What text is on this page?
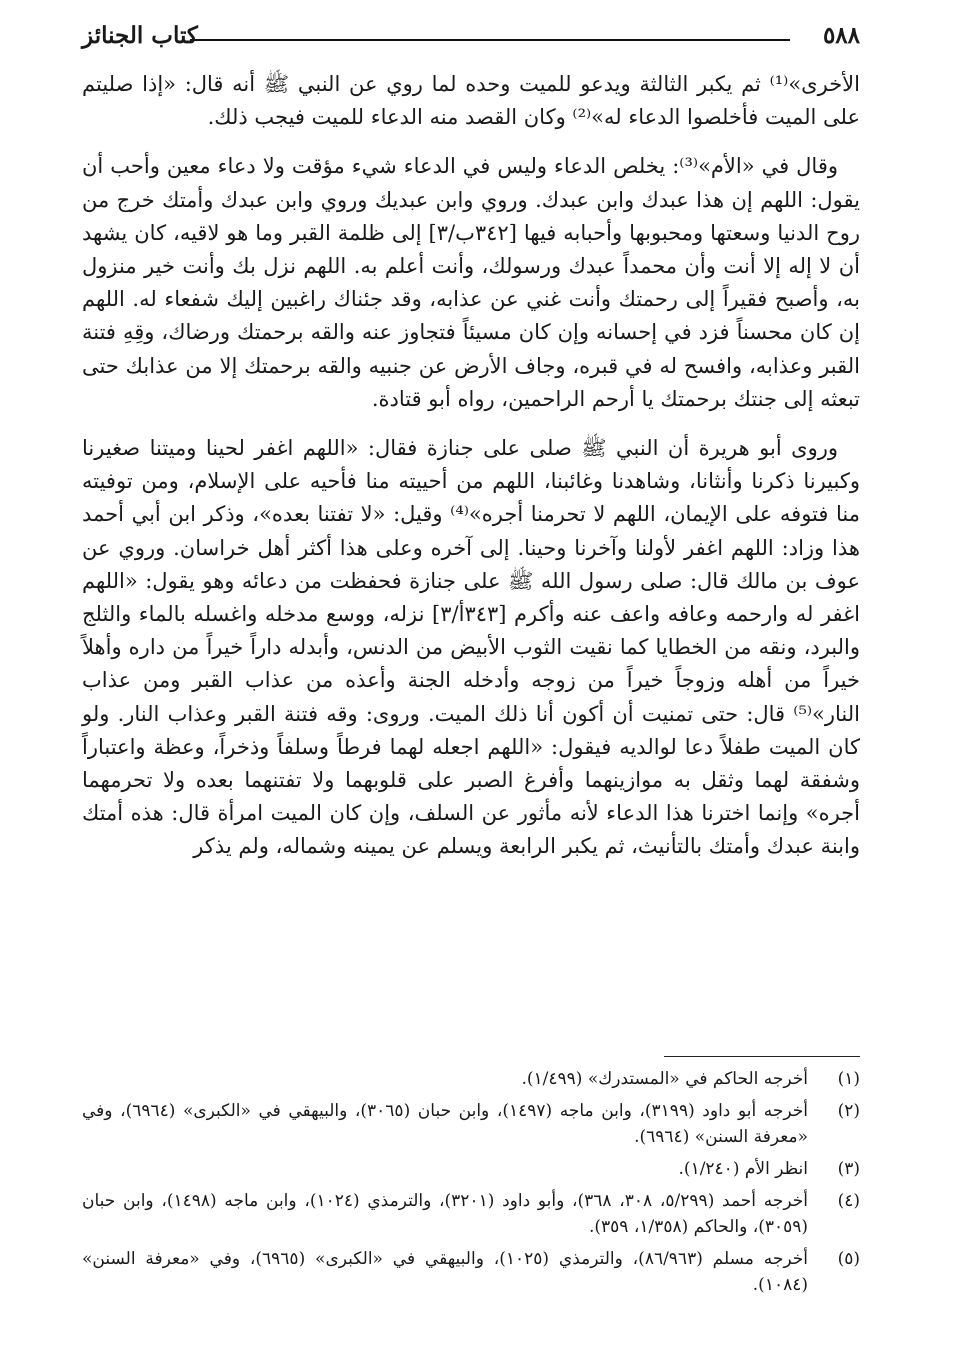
٥٨٨
كتاب الجنائز

الأخرى»⁽¹⁾ ثم يكبر الثالثة ويدعو للميت وحده لما روي عن النبي ﷺ أنه قال: «إذا صليتم على الميت فأخلصوا الدعاء له»⁽²⁾ وكان القصد منه الدعاء للميت فيجب ذلك.

وقال في «الأم»⁽³⁾: يخلص الدعاء وليس في الدعاء شيء مؤقت ولا دعاء معين وأحب أن يقول: اللهم إن هذا عبدك وابن عبدك. وروي وابن عبديك وروي وابن عبدك وأمتك خرج من روح الدنيا وسعتها ومحبوبها وأحبابه فيها [٣٤٢ب/٣] إلى ظلمة القبر وما هو لاقيه، كان يشهد أن لا إله إلا أنت وأن محمداً عبدك ورسولك، وأنت أعلم به. اللهم نزل بك وأنت خير منزول به، وأصبح فقيراً إلى رحمتك وأنت غني عن عذابه، وقد جئناك راغبين إليك شفعاء له. اللهم إن كان محسناً فزد في إحسانه وإن كان مسيئاً فتجاوز عنه والقه برحمتك ورضاك، وقِهِ فتنة القبر وعذابه، وافسح له في قبره، وجاف الأرض عن جنبيه والقه برحمتك إلا من عذابك حتى تبعثه إلى جنتك برحمتك يا أرحم الراحمين، رواه أبو قتادة.

وروى أبو هريرة أن النبي ﷺ صلى على جنازة فقال: «اللهم اغفر لحينا وميتنا صغيرنا وكبيرنا ذكرنا وأنثانا، وشاهدنا وغائبنا، اللهم من أحييته منا فأحيه على الإسلام، ومن توفيته منا فتوفه على الإيمان، اللهم لا تحرمنا أجره»⁽⁴⁾ وقيل: «لا تفتنا بعده»، وذكر ابن أبي أحمد هذا وزاد: اللهم اغفر لأولنا وآخرنا وحينا. إلى آخره وعلى هذا أكثر أهل خراسان. وروي عن عوف بن مالك قال: صلى رسول الله ﷺ على جنازة فحفظت من دعائه وهو يقول: «اللهم اغفر له وارحمه وعافه واعف عنه وأكرم [٣٤٣أ/٣] نزله، ووسع مدخله واغسله بالماء والثلج والبرد، ونقه من الخطايا كما نقيت الثوب الأبيض من الدنس، وأبدله داراً خيراً من داره وأهلاً خيراً من أهله وزوجاً خيراً من زوجه وأدخله الجنة وأعذه من عذاب القبر ومن عذاب النار»⁽⁵⁾ قال: حتى تمنيت أن أكون أنا ذلك الميت. وروى: وقه فتنة القبر وعذاب النار. ولو كان الميت طفلاً دعا لوالديه فيقول: «اللهم اجعله لهما فرطاً وسلفاً وذخراً، وعظة واعتباراً وشفقة لهما وثقل به موازينهما وأفرغ الصبر على قلوبهما ولا تفتنهما بعده ولا تحرمهما أجره» وإنما اخترنا هذا الدعاء لأنه مأثور عن السلف، وإن كان الميت امرأة قال: هذه أمتك وابنة عبدك وأمتك بالتأنيث، ثم يكبر الرابعة ويسلم عن يمينه وشماله، ولم يذكر

(١)
أخرجه الحاكم في «المستدرك» (١/٤٩٩).
(٢)
أخرجه أبو داود (٣١٩٩)، وابن ماجه (١٤٩٧)، وابن حبان (٣٠٦٥)، والبيهقي في «الكبرى» (٦٩٦٤)، وفي «معرفة السنن» (٦٩٦٤).
(٣)
انظر الأم (١/٢٤٠).
(٤)
أخرجه أحمد (٥/٢٩٩، ٣٠٨، ٣٦٨)، وأبو داود (٣٢٠١)، والترمذي (١٠٢٤)، وابن ماجه (١٤٩٨)، وابن حبان (٣٠٥٩)، والحاكم (١/٣٥٨، ٣٥٩).
(٥)
أخرجه مسلم (٨٦/٩٦٣)، والترمذي (١٠٢٥)، والبيهقي في «الكبرى» (٦٩٦٥)، وفي «معرفة السنن» (١٠٨٤).
